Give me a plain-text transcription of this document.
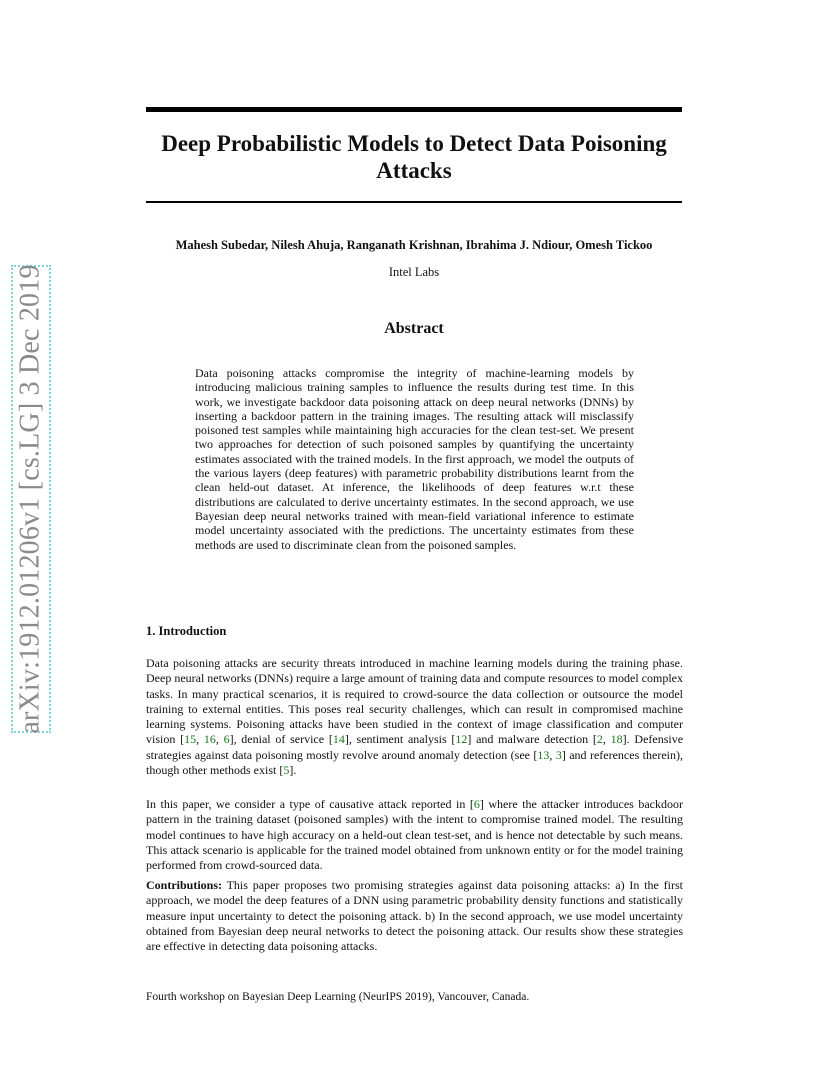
arXiv:1912.01206v1 [cs.LG] 3 Dec 2019
Deep Probabilistic Models to Detect Data Poisoning Attacks
Mahesh Subedar, Nilesh Ahuja, Ranganath Krishnan, Ibrahima J. Ndiour, Omesh Tickoo
Intel Labs
Abstract

Data poisoning attacks compromise the integrity of machine-learning models by introducing malicious training samples to influence the results during test time. In this work, we investigate backdoor data poisoning attack on deep neural networks (DNNs) by inserting a backdoor pattern in the training images. The resulting attack will misclassify poisoned test samples while maintaining high accuracies for the clean test-set. We present two approaches for detection of such poisoned samples by quantifying the uncertainty estimates associated with the trained models. In the first approach, we model the outputs of the various layers (deep features) with parametric probability distributions learnt from the clean held-out dataset. At inference, the likelihoods of deep features w.r.t these distributions are calculated to derive uncertainty estimates. In the second approach, we use Bayesian deep neural networks trained with mean-field variational inference to estimate model uncertainty associated with the predictions. The uncertainty estimates from these methods are used to discriminate clean from the poisoned samples.

1. Introduction

Data poisoning attacks are security threats introduced in machine learning models during the training phase. Deep neural networks (DNNs) require a large amount of training data and compute resources to model complex tasks. In many practical scenarios, it is required to crowd-source the data collection or outsource the model training to external entities. This poses real security challenges, which can result in compromised machine learning systems. Poisoning attacks have been studied in the context of image classification and computer vision [15, 16, 6], denial of service [14], sentiment analysis [12] and malware detection [2, 18]. Defensive strategies against data poisoning mostly revolve around anomaly detection (see [13, 3] and references therein), though other methods exist [5].

In this paper, we consider a type of causative attack reported in [6] where the attacker introduces backdoor pattern in the training dataset (poisoned samples) with the intent to compromise trained model. The resulting model continues to have high accuracy on a held-out clean test-set, and is hence not detectable by such means. This attack scenario is applicable for the trained model obtained from unknown entity or for the model training performed from crowd-sourced data.

Contributions: This paper proposes two promising strategies against data poisoning attacks: a) In the first approach, we model the deep features of a DNN using parametric probability density functions and statistically measure input uncertainty to detect the poisoning attack. b) In the second approach, we use model uncertainty obtained from Bayesian deep neural networks to detect the poisoning attack. Our results show these strategies are effective in detecting data poisoning attacks.

Fourth workshop on Bayesian Deep Learning (NeurIPS 2019), Vancouver, Canada.
